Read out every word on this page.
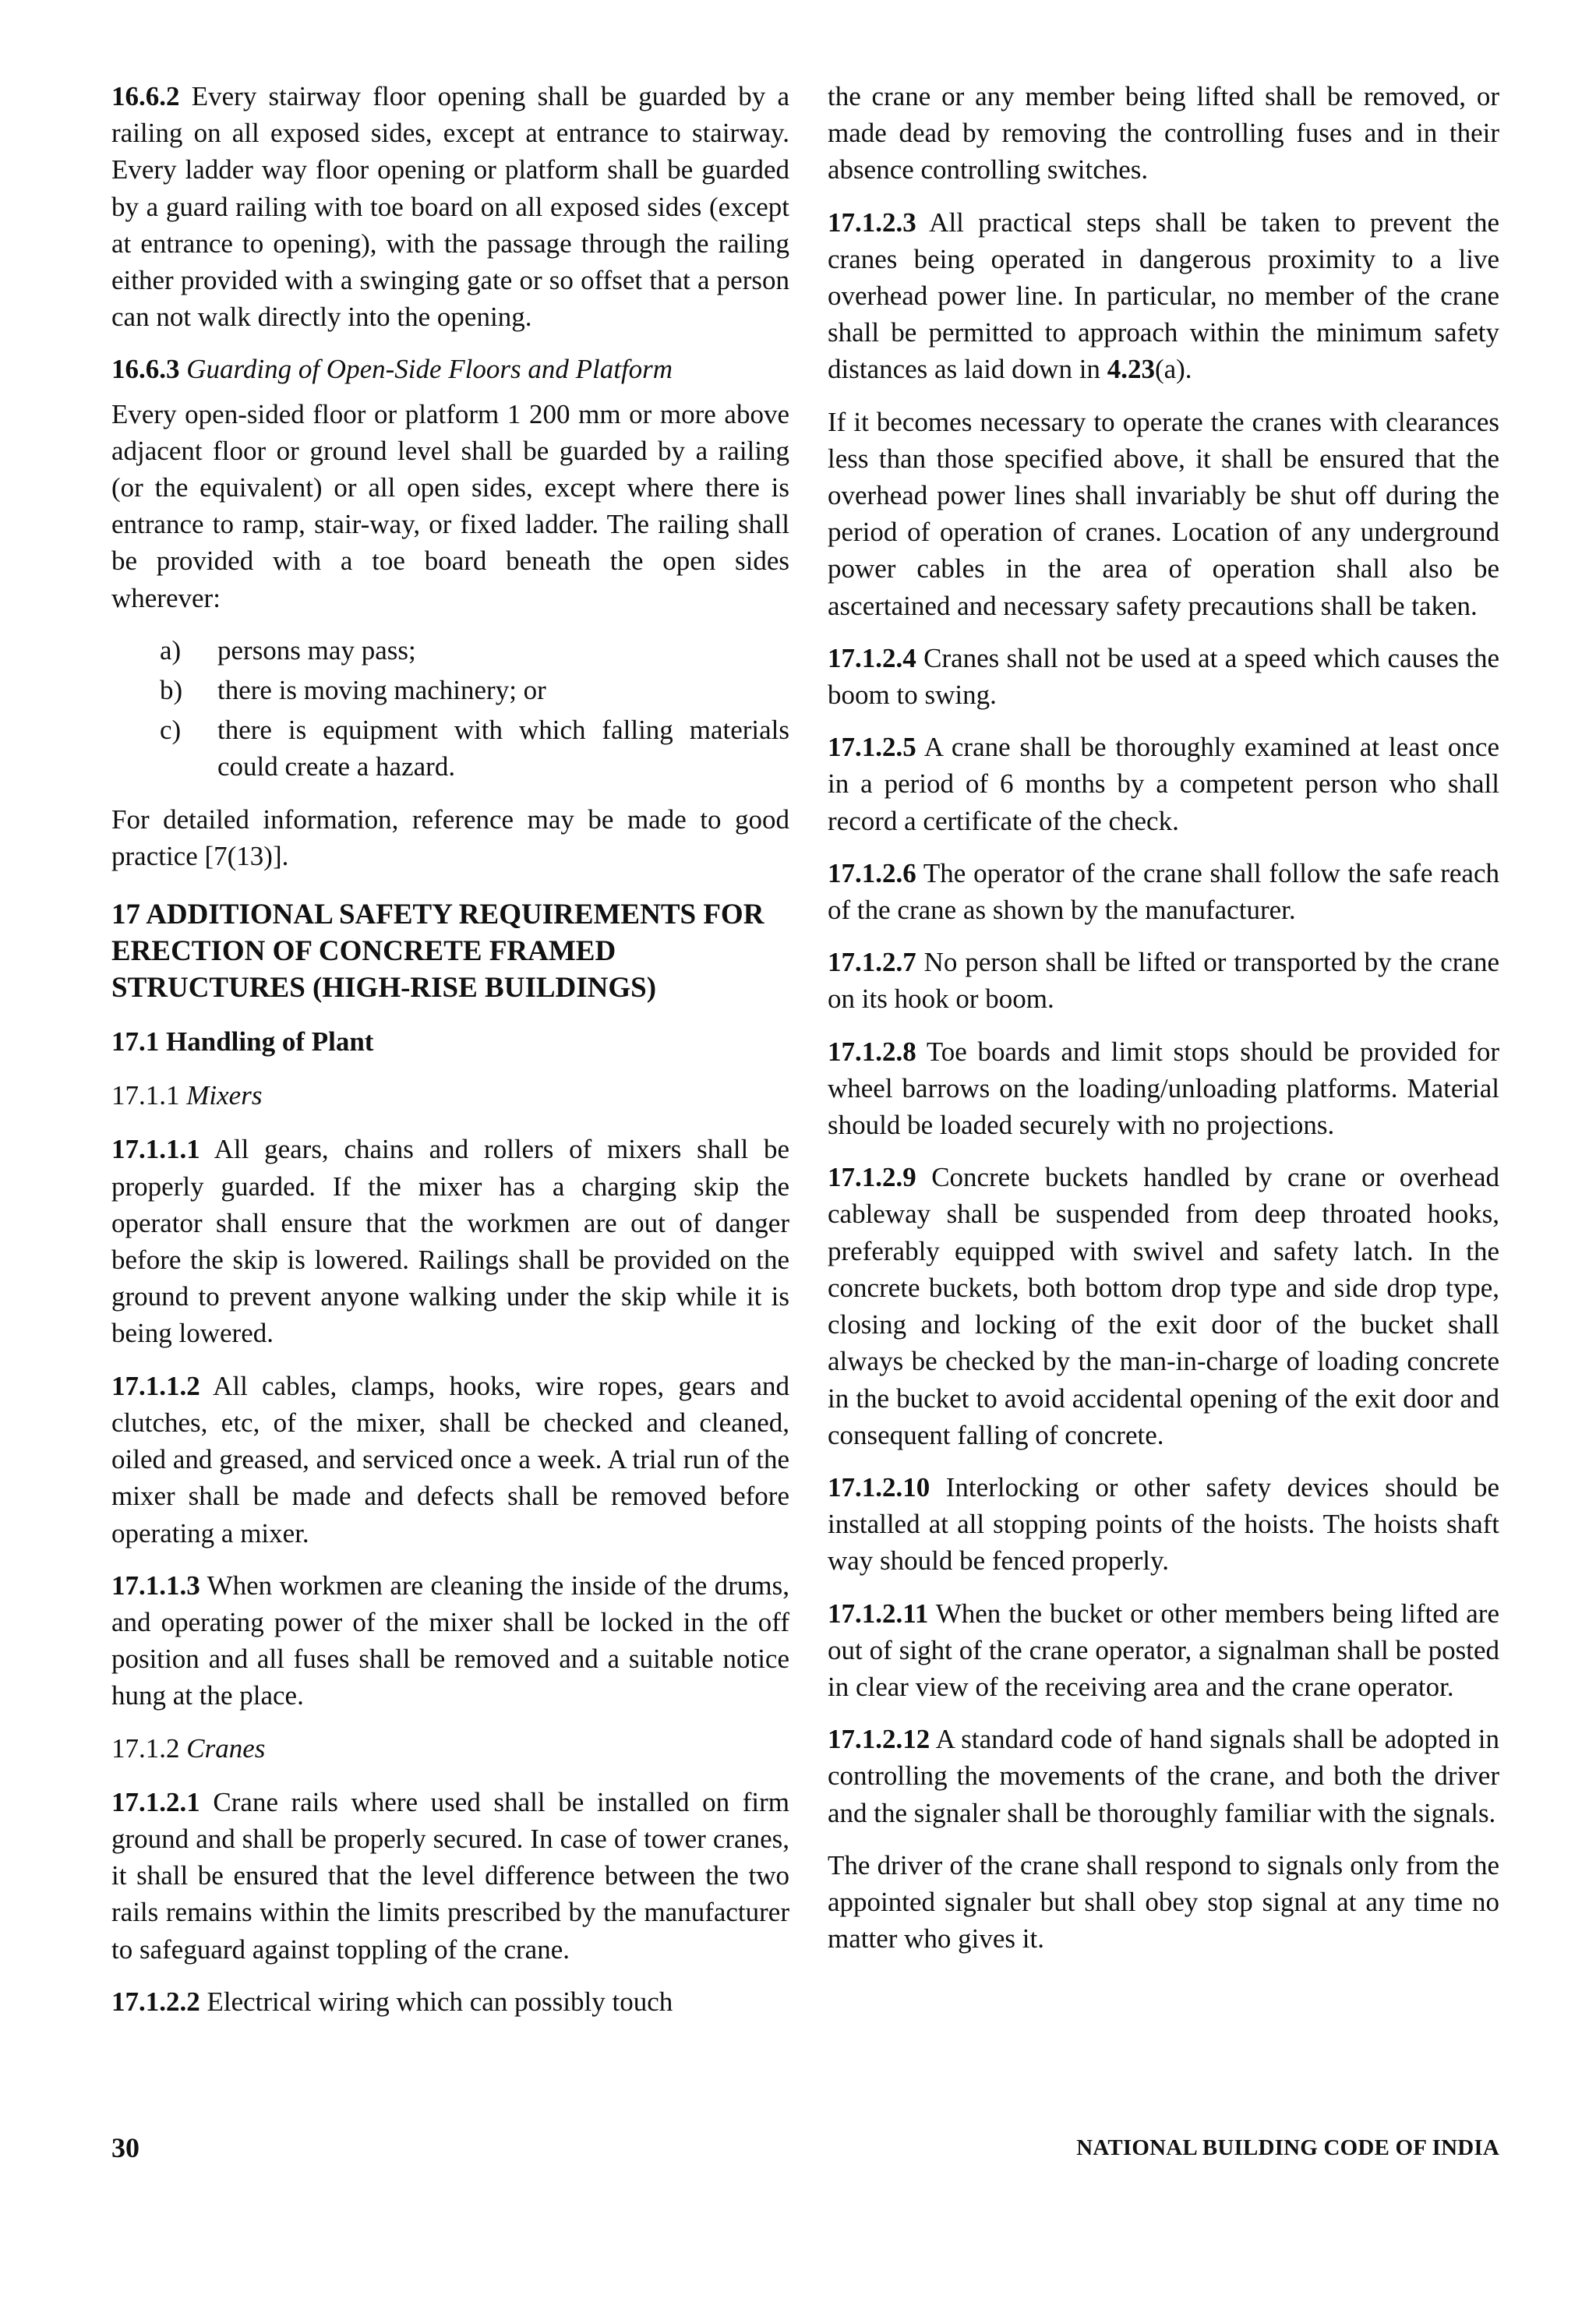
16.6.2 Every stairway floor opening shall be guarded by a railing on all exposed sides, except at entrance to stairway. Every ladder way floor opening or platform shall be guarded by a guard railing with toe board on all exposed sides (except at entrance to opening), with the passage through the railing either provided with a swinging gate or so offset that a person can not walk directly into the opening.

16.6.3 Guarding of Open-Side Floors and Platform

Every open-sided floor or platform 1 200 mm or more above adjacent floor or ground level shall be guarded by a railing (or the equivalent) or all open sides, except where there is entrance to ramp, stair-way, or fixed ladder. The railing shall be provided with a toe board beneath the open sides wherever:

a) persons may pass;
b) there is moving machinery; or
c) there is equipment with which falling materials could create a hazard.

For detailed information, reference may be made to good practice [7(13)].

17 ADDITIONAL SAFETY REQUIREMENTS FOR ERECTION OF CONCRETE FRAMED STRUCTURES (HIGH-RISE BUILDINGS)

17.1 Handling of Plant

17.1.1 Mixers

17.1.1.1 All gears, chains and rollers of mixers shall be properly guarded. If the mixer has a charging skip the operator shall ensure that the workmen are out of danger before the skip is lowered. Railings shall be provided on the ground to prevent anyone walking under the skip while it is being lowered.

17.1.1.2 All cables, clamps, hooks, wire ropes, gears and clutches, etc, of the mixer, shall be checked and cleaned, oiled and greased, and serviced once a week. A trial run of the mixer shall be made and defects shall be removed before operating a mixer.

17.1.1.3 When workmen are cleaning the inside of the drums, and operating power of the mixer shall be locked in the off position and all fuses shall be removed and a suitable notice hung at the place.

17.1.2 Cranes

17.1.2.1 Crane rails where used shall be installed on firm ground and shall be properly secured. In case of tower cranes, it shall be ensured that the level difference between the two rails remains within the limits prescribed by the manufacturer to safeguard against toppling of the crane.

17.1.2.2 Electrical wiring which can possibly touch

the crane or any member being lifted shall be removed, or made dead by removing the controlling fuses and in their absence controlling switches.

17.1.2.3 All practical steps shall be taken to prevent the cranes being operated in dangerous proximity to a live overhead power line. In particular, no member of the crane shall be permitted to approach within the minimum safety distances as laid down in 4.23(a).

If it becomes necessary to operate the cranes with clearances less than those specified above, it shall be ensured that the overhead power lines shall invariably be shut off during the period of operation of cranes. Location of any underground power cables in the area of operation shall also be ascertained and necessary safety precautions shall be taken.

17.1.2.4 Cranes shall not be used at a speed which causes the boom to swing.

17.1.2.5 A crane shall be thoroughly examined at least once in a period of 6 months by a competent person who shall record a certificate of the check.

17.1.2.6 The operator of the crane shall follow the safe reach of the crane as shown by the manufacturer.

17.1.2.7 No person shall be lifted or transported by the crane on its hook or boom.

17.1.2.8 Toe boards and limit stops should be provided for wheel barrows on the loading/unloading platforms. Material should be loaded securely with no projections.

17.1.2.9 Concrete buckets handled by crane or overhead cableway shall be suspended from deep throated hooks, preferably equipped with swivel and safety latch. In the concrete buckets, both bottom drop type and side drop type, closing and locking of the exit door of the bucket shall always be checked by the man-in-charge of loading concrete in the bucket to avoid accidental opening of the exit door and consequent falling of concrete.

17.1.2.10 Interlocking or other safety devices should be installed at all stopping points of the hoists. The hoists shaft way should be fenced properly.

17.1.2.11 When the bucket or other members being lifted are out of sight of the crane operator, a signalman shall be posted in clear view of the receiving area and the crane operator.

17.1.2.12 A standard code of hand signals shall be adopted in controlling the movements of the crane, and both the driver and the signaler shall be thoroughly familiar with the signals.

The driver of the crane shall respond to signals only from the appointed signaler but shall obey stop signal at any time no matter who gives it.

30	NATIONAL BUILDING CODE OF INDIA
